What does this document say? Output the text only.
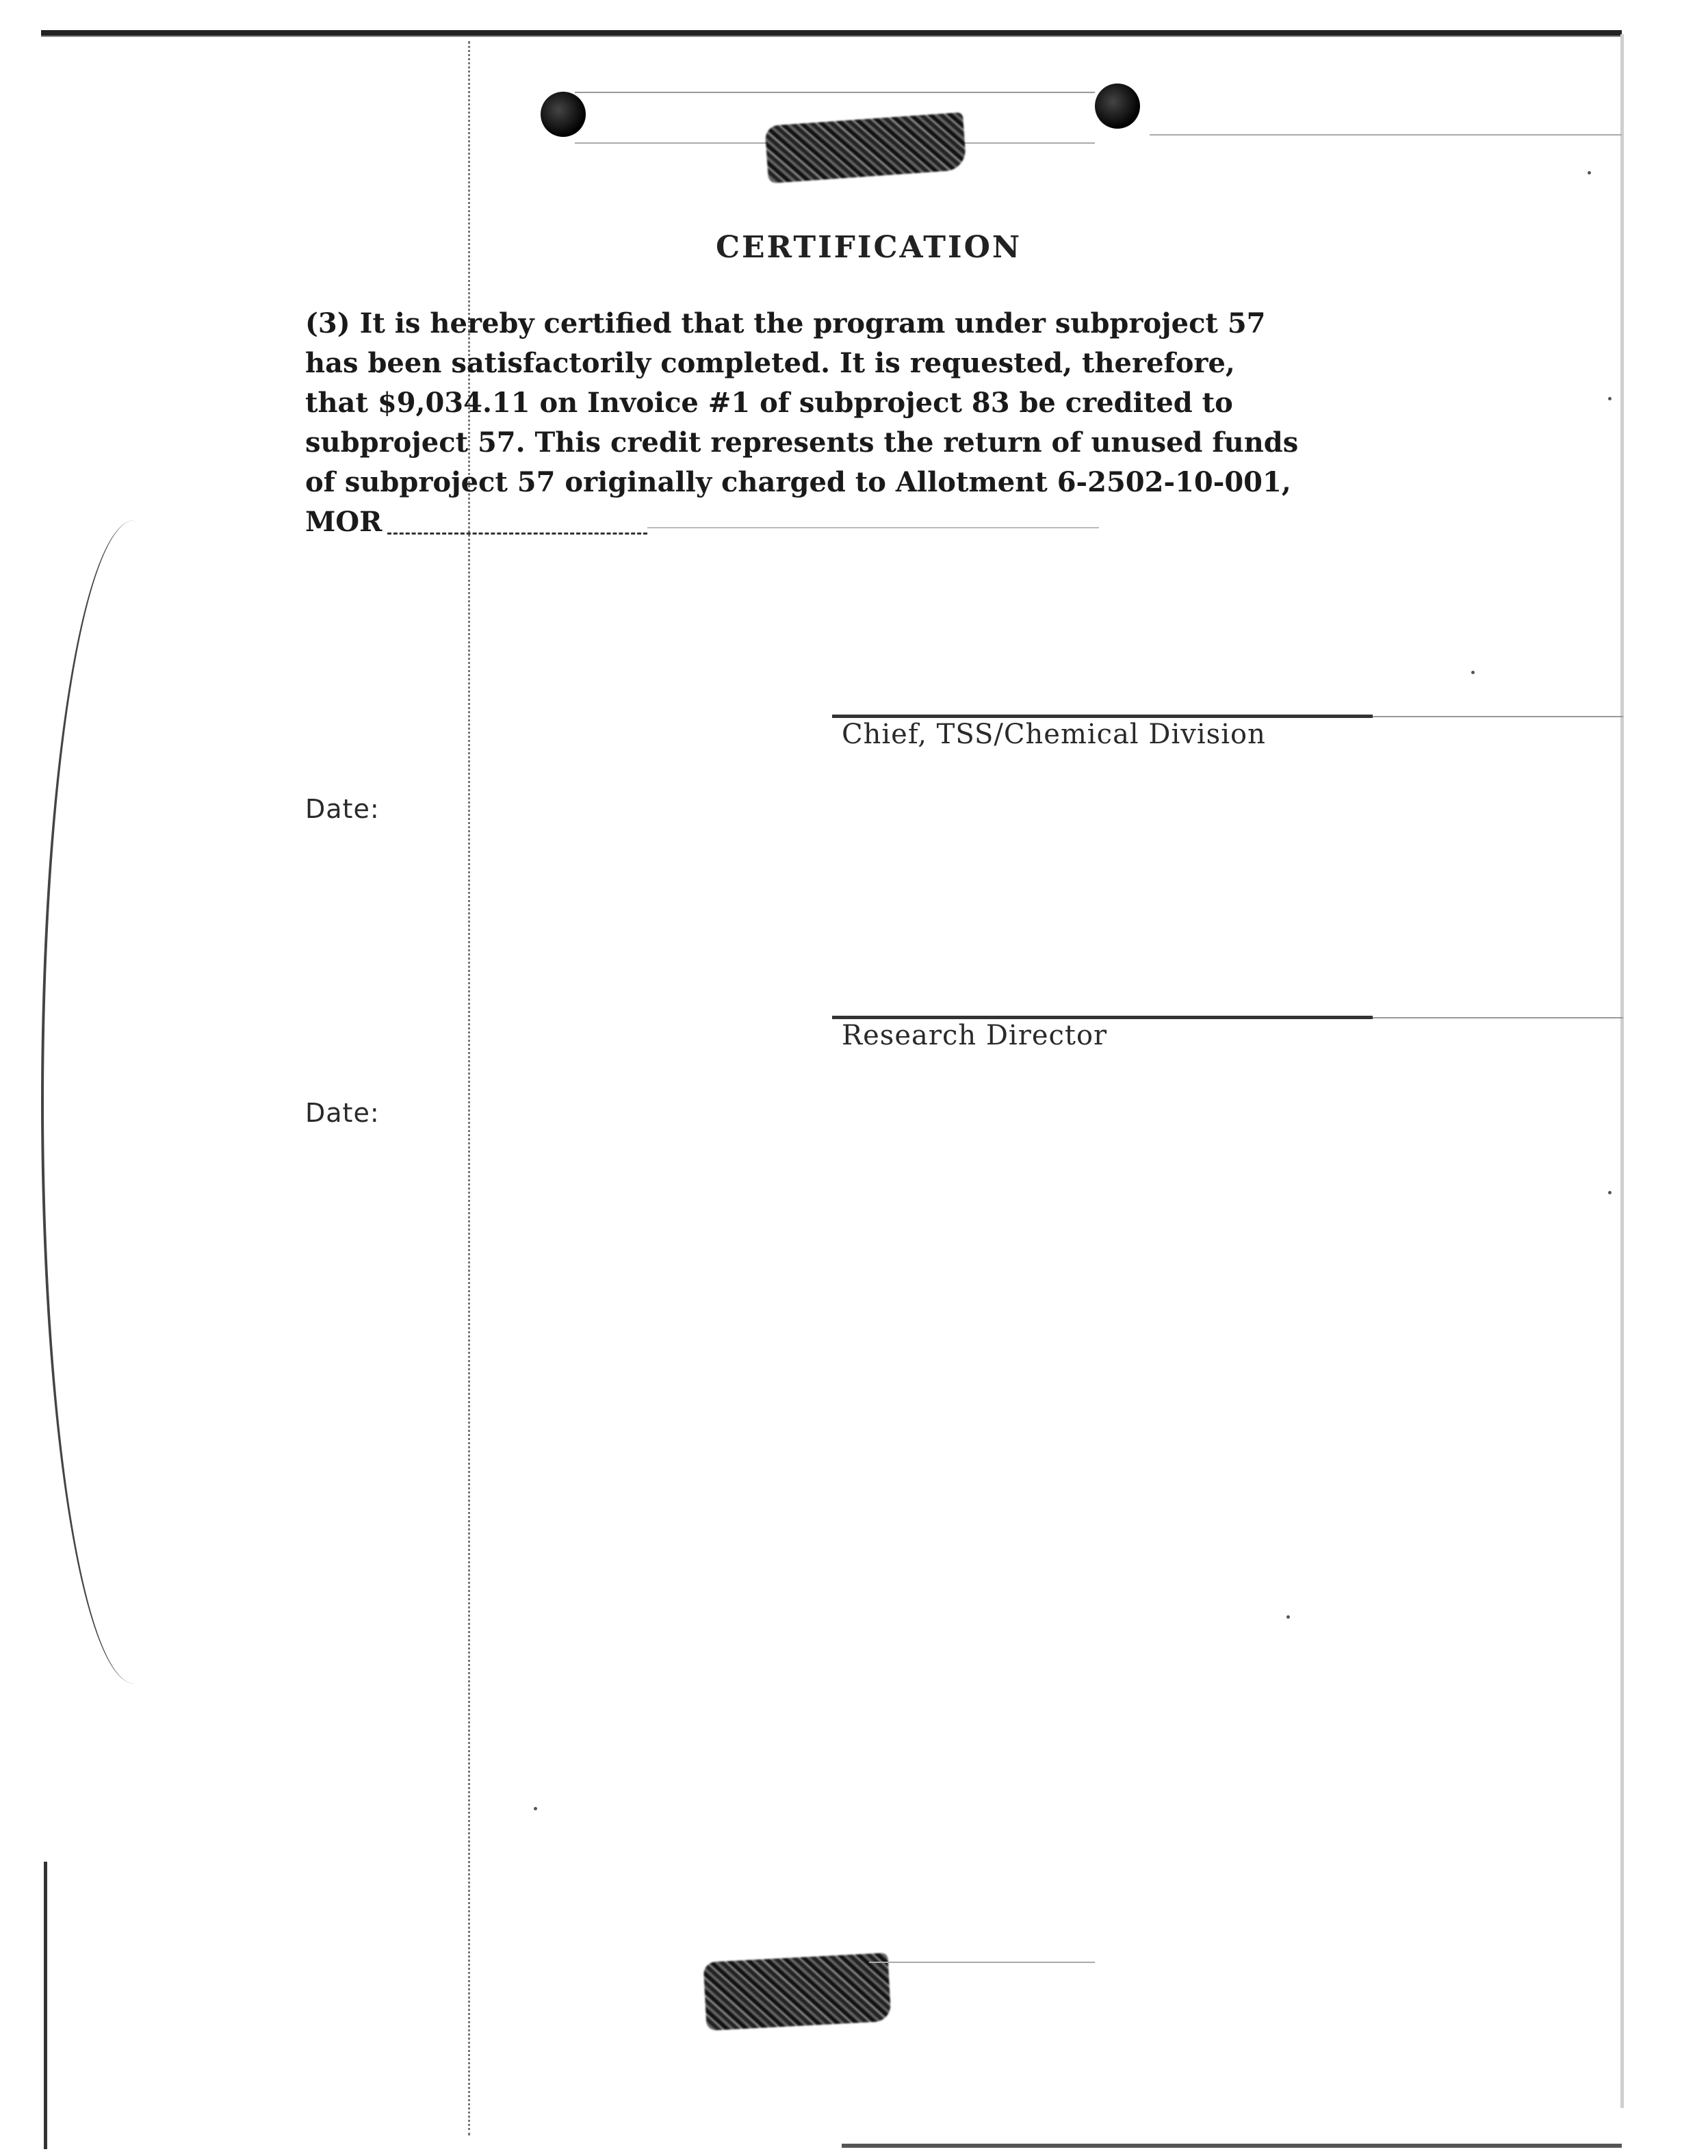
CERTIFICATION
(3) It is hereby certified that the program under subproject 57
has been satisfactorily completed. It is requested, therefore,
that $9,034.11 on Invoice #1 of subproject 83 be credited to
subproject 57. This credit represents the return of unused funds
of subproject 57 originally charged to Allotment 6-2502-10-001,
MOR
Chief, TSS/Chemical Division
Date:
Research Director
Date:
